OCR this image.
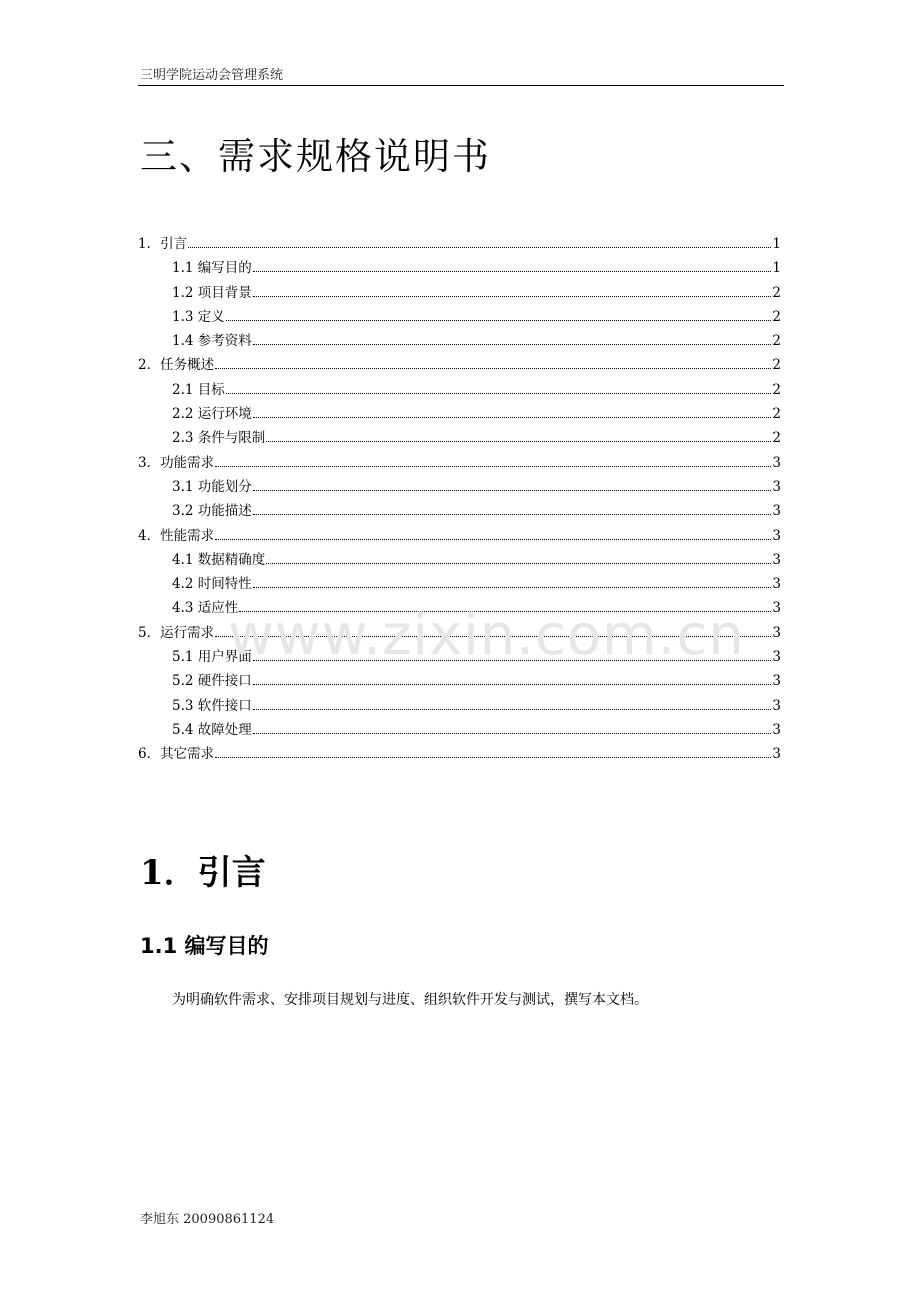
三明学院运动会管理系统
三、需求规格说明书
1．引言	1
1.1 编写目的	1
1.2 项目背景	2
1.3 定义	2
1.4 参考资料	2
2．任务概述	2
2.1 目标	2
2.2 运行环境	2
2.3 条件与限制	2
3．功能需求	3
3.1 功能划分	3
3.2 功能描述	3
4．性能需求	3
4.1 数据精确度	3
4.2 时间特性	3
4.3 适应性	3
5．运行需求	3
5.1 用户界面	3
5.2 硬件接口	3
5.3 软件接口	3
5.4 故障处理	3
6．其它需求	3
www.zixin.com.cn
1．引言
1.1 编写目的
为明确软件需求、安排项目规划与进度、组织软件开发与测试，撰写本文档。
李旭东 20090861124
